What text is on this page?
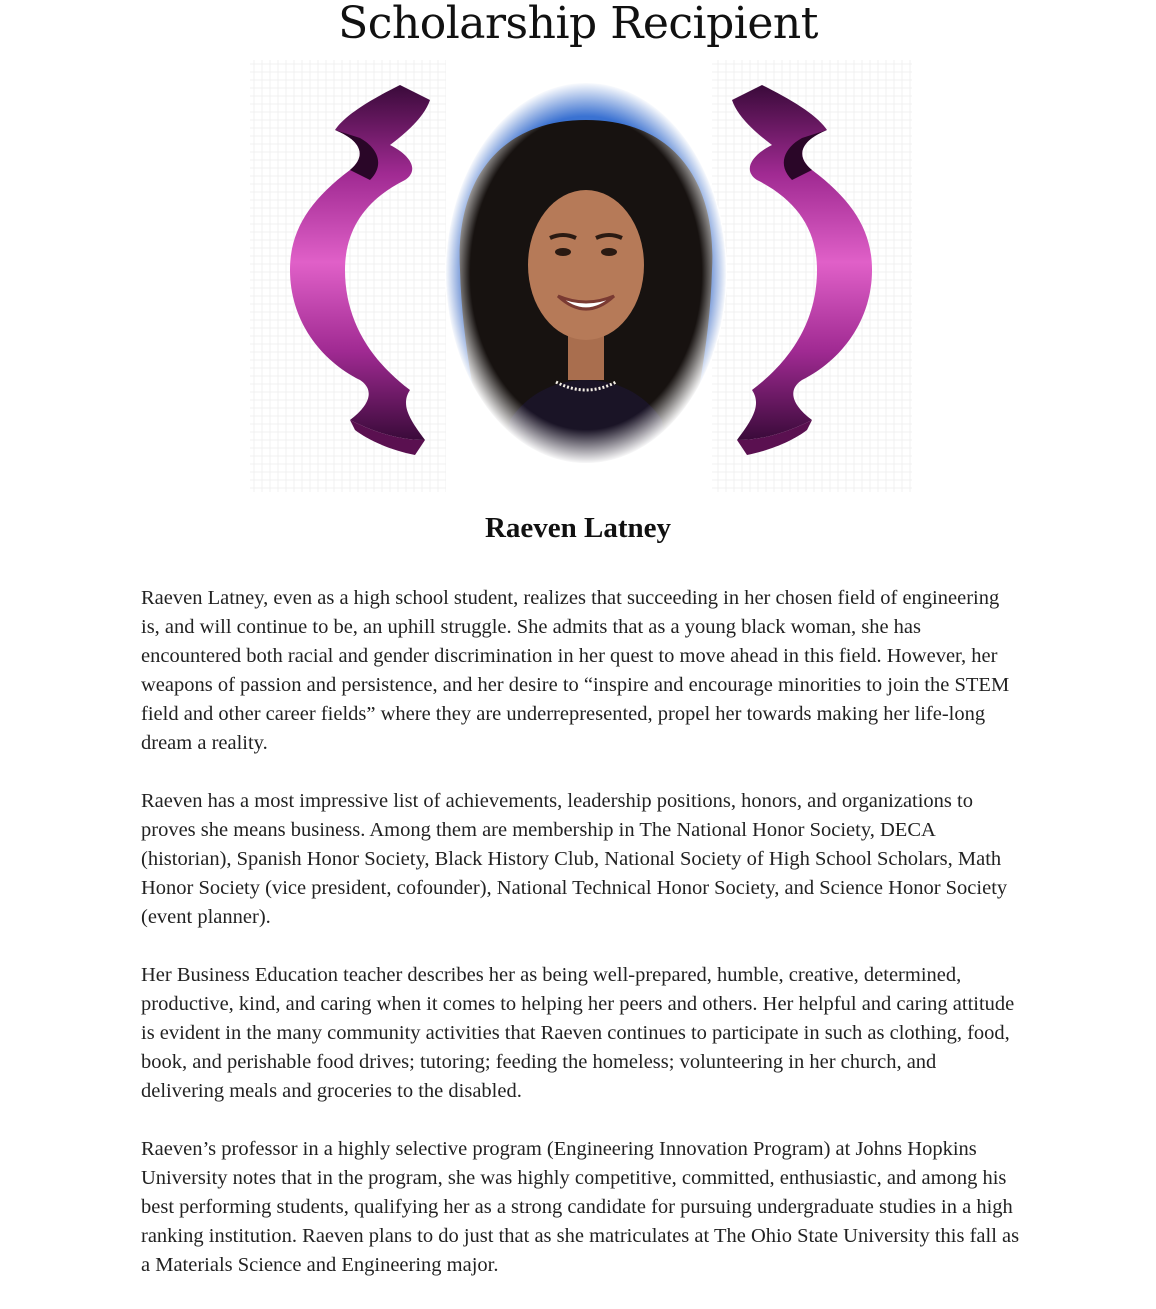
Scholarship Recipient
Raeven Latney

Raeven Latney, even as a high school student, realizes that succeeding in her chosen field of engineering is, and will continue to be, an uphill struggle. She admits that as a young black woman, she has encountered both racial and gender discrimination in her quest to move ahead in this field. However, her weapons of passion and persistence, and her desire to “inspire and encourage minorities to join the STEM field and other career fields” where they are underrepresented, propel her towards making her life-long dream a reality.

Raeven has a most impressive list of achievements, leadership positions, honors, and organizations to proves she means business. Among them are membership in The National Honor Society, DECA (historian), Spanish Honor Society, Black History Club, National Society of High School Scholars, Math Honor Society (vice president, cofounder), National Technical Honor Society, and Science Honor Society (event planner).

Her Business Education teacher describes her as being well-prepared, humble, creative, determined, productive, kind, and caring when it comes to helping her peers and others. Her helpful and caring attitude is evident in the many community activities that Raeven continues to participate in such as clothing, food, book, and perishable food drives; tutoring; feeding the homeless; volunteering in her church, and delivering meals and groceries to the disabled.

Raeven’s professor in a highly selective program (Engineering Innovation Program) at Johns Hopkins University notes that in the program, she was highly competitive, committed, enthusiastic, and among his best performing students, qualifying her as a strong candidate for pursuing undergraduate studies in a high ranking institution. Raeven plans to do just that as she matriculates at The Ohio State University this fall as a Materials Science and Engineering major.
